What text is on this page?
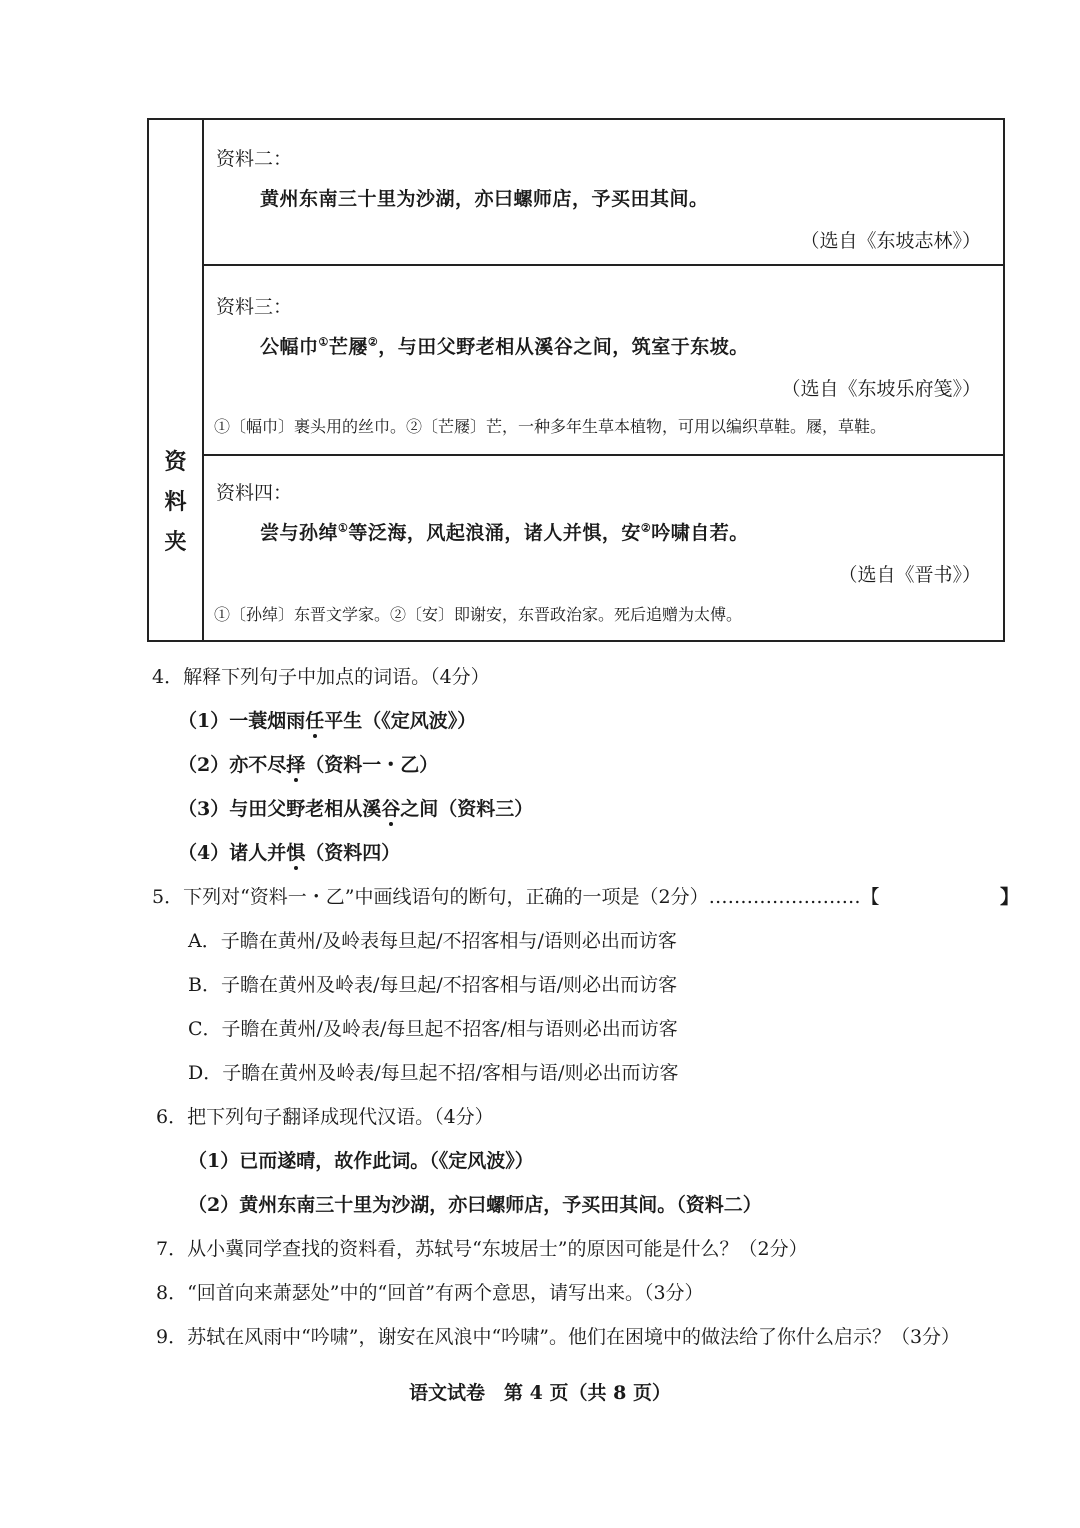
资
料
夹
资料二：
黄州东南三十里为沙湖，亦曰螺师店，予买田其间。
（选自《东坡志林》）
资料三：
公幅巾①芒屦②，与田父野老相从溪谷之间，筑室于东坡。
（选自《东坡乐府笺》）
①〔幅巾〕裹头用的丝巾。②〔芒屦〕芒，一种多年生草本植物，可用以编织草鞋。屦，草鞋。
资料四：
尝与孙绰①等泛海，风起浪涌，诸人并惧，安②吟啸自若。
（选自《晋书》）
①〔孙绰〕东晋文学家。②〔安〕即谢安，东晋政治家。死后追赠为太傅。
4．解释下列句子中加点的词语。（4分）
（1）一蓑烟雨任平生（《定风波》）
（2）亦不尽择（资料一・乙）
（3）与田父野老相从溪谷之间（资料三）
（4）诸人并惧（资料四）
5．下列对“资料一・乙”中画线语句的断句，正确的一项是（2分）……………………【	】
A．子瞻在黄州/及岭表每旦起/不招客相与/语则必出而访客
B．子瞻在黄州及岭表/每旦起/不招客相与语/则必出而访客
C．子瞻在黄州/及岭表/每旦起不招客/相与语则必出而访客
D．子瞻在黄州及岭表/每旦起不招/客相与语/则必出而访客
6．把下列句子翻译成现代汉语。（4分）
（1）已而遂晴，故作此词。（《定风波》）
（2）黄州东南三十里为沙湖，亦曰螺师店，予买田其间。（资料二）
7．从小冀同学查找的资料看，苏轼号“东坡居士”的原因可能是什么？（2分）
8．“回首向来萧瑟处”中的“回首”有两个意思，请写出来。（3分）
9．苏轼在风雨中“吟啸”，谢安在风浪中“吟啸”。他们在困境中的做法给了你什么启示？（3分）
语文试卷　第 4 页（共 8 页）
